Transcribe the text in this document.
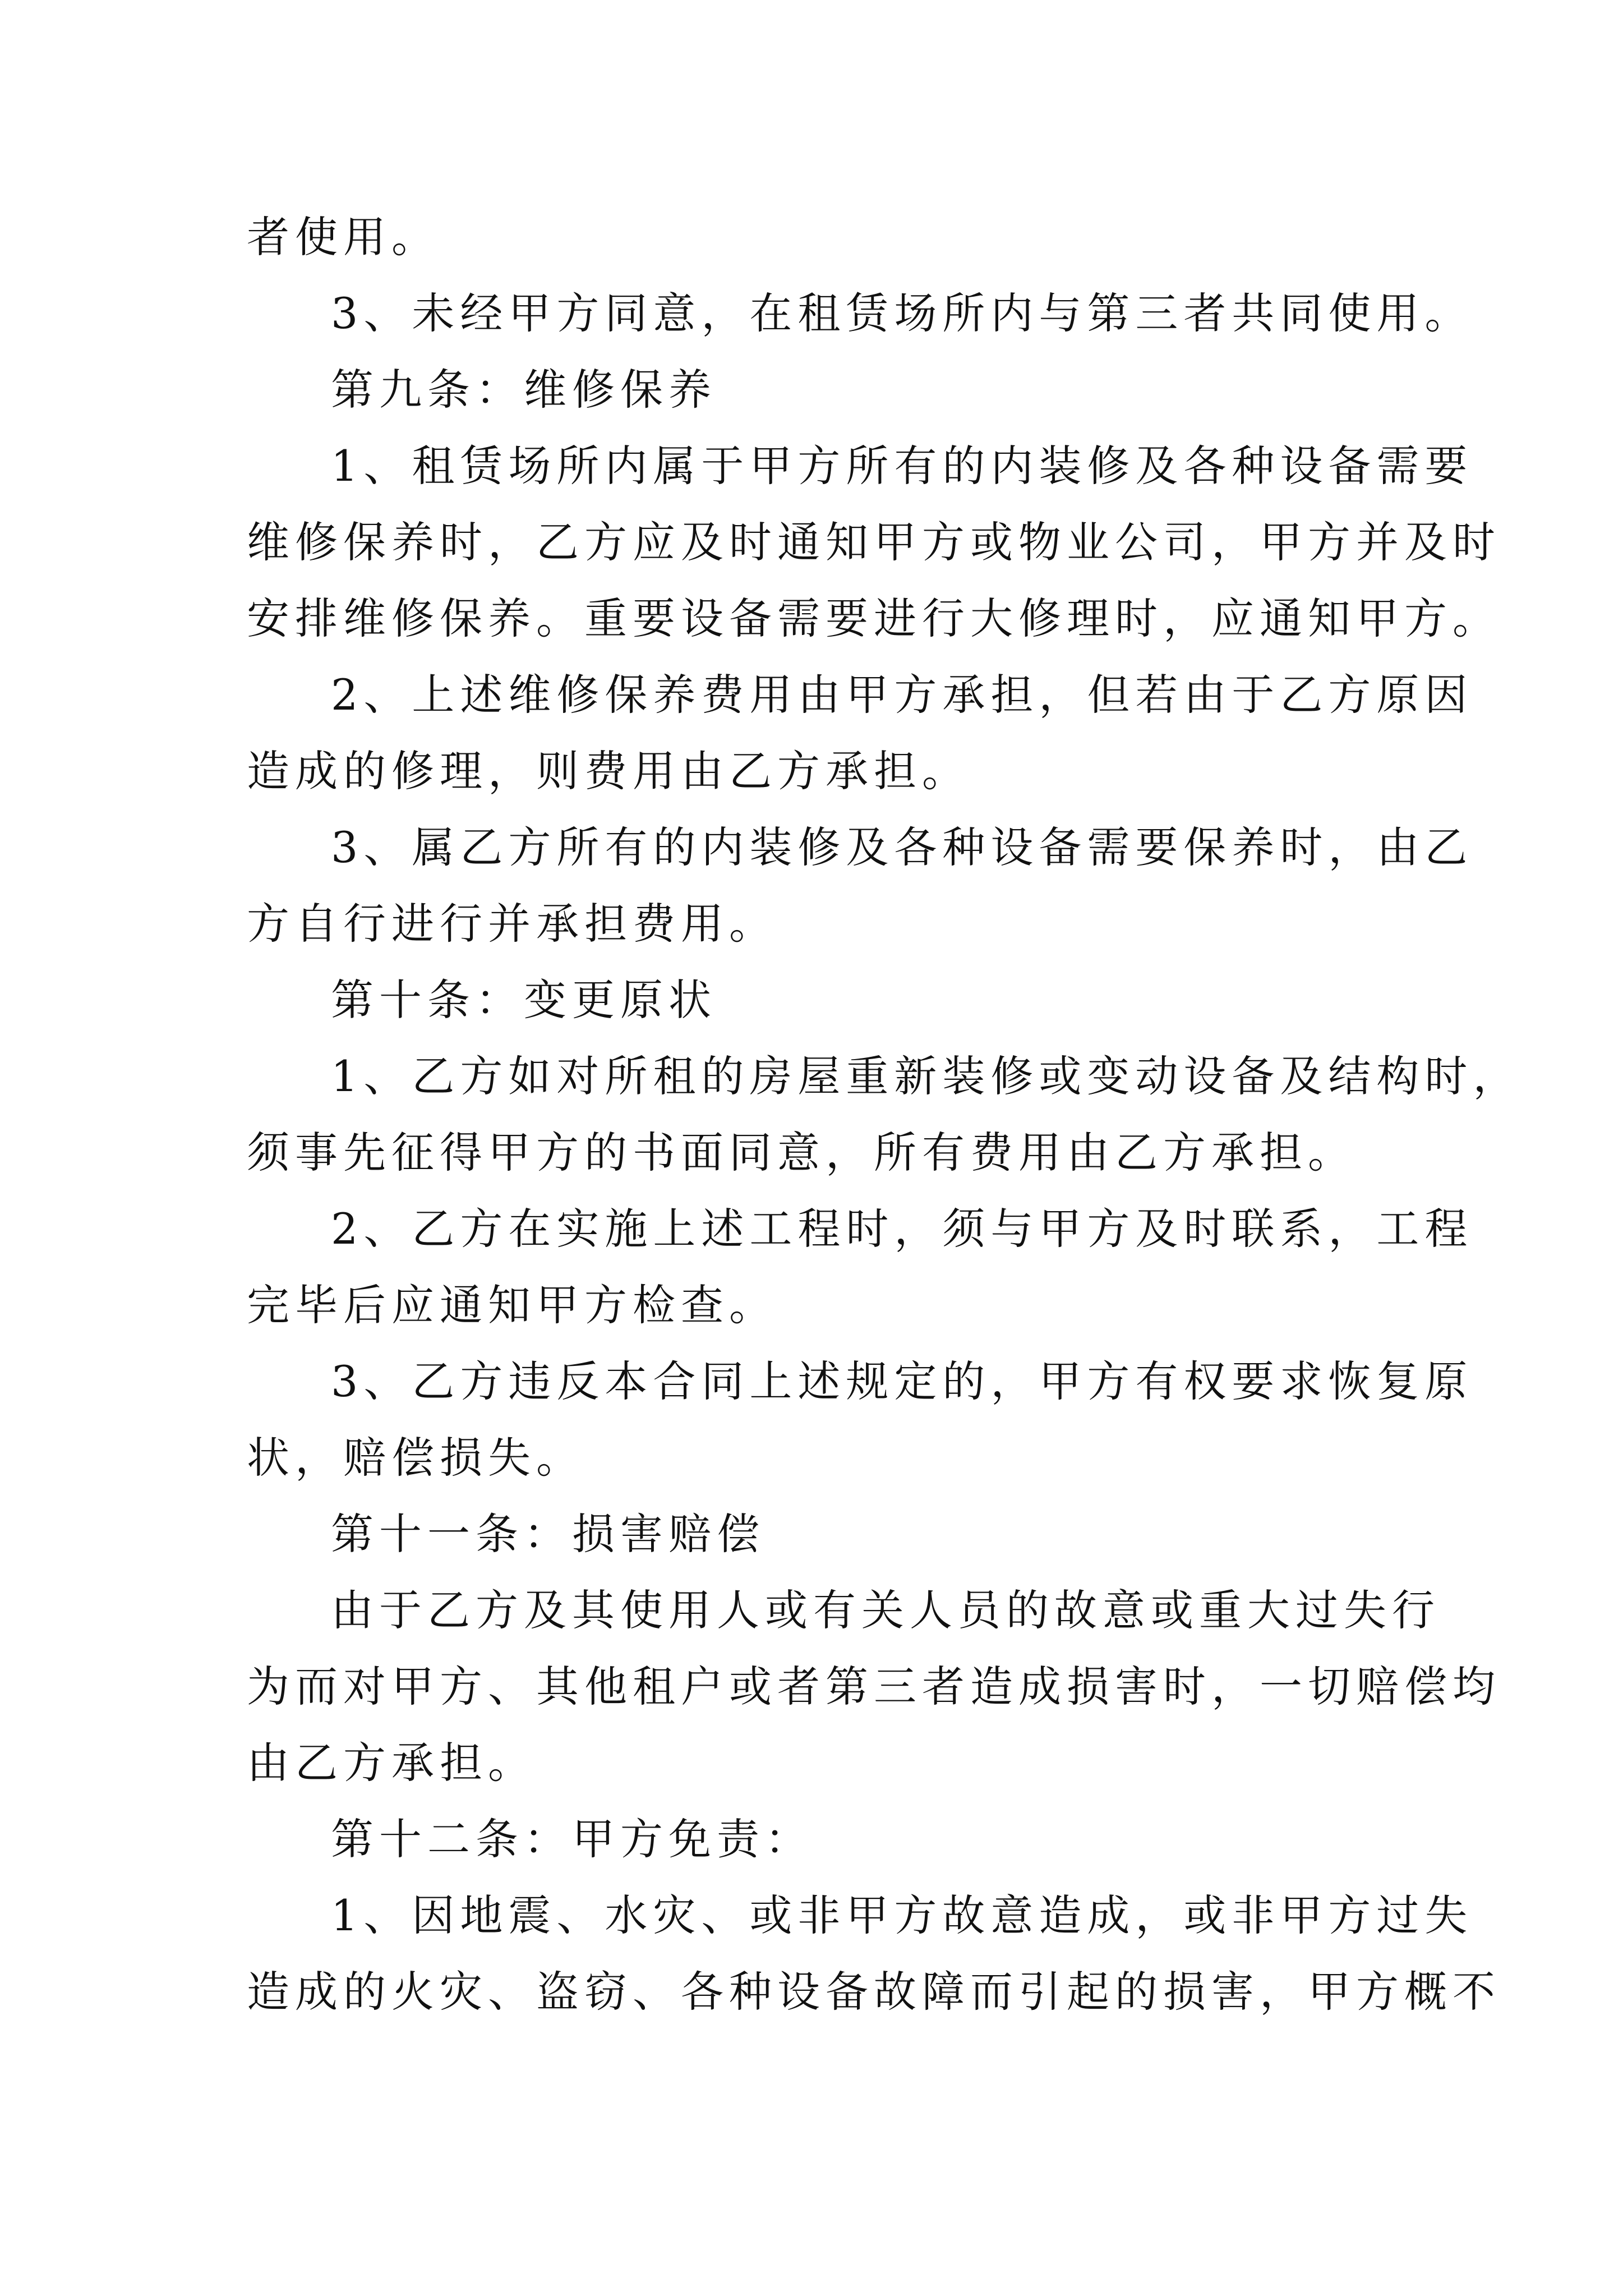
者使用。

3、未经甲方同意，在租赁场所内与第三者共同使用。

第九条：维修保养

1、租赁场所内属于甲方所有的内装修及各种设备需要

维修保养时，乙方应及时通知甲方或物业公司，甲方并及时

安排维修保养。重要设备需要进行大修理时，应通知甲方。

2、上述维修保养费用由甲方承担，但若由于乙方原因

造成的修理，则费用由乙方承担。

3、属乙方所有的内装修及各种设备需要保养时，由乙

方自行进行并承担费用。

第十条：变更原状

1、乙方如对所租的房屋重新装修或变动设备及结构时，

须事先征得甲方的书面同意，所有费用由乙方承担。

2、乙方在实施上述工程时，须与甲方及时联系，工程

完毕后应通知甲方检查。

3、乙方违反本合同上述规定的，甲方有权要求恢复原

状，赔偿损失。

第十一条：损害赔偿

由于乙方及其使用人或有关人员的故意或重大过失行

为而对甲方、其他租户或者第三者造成损害时，一切赔偿均

由乙方承担。

第十二条：甲方免责：

1、因地震、水灾、或非甲方故意造成，或非甲方过失

造成的火灾、盗窃、各种设备故障而引起的损害，甲方概不
